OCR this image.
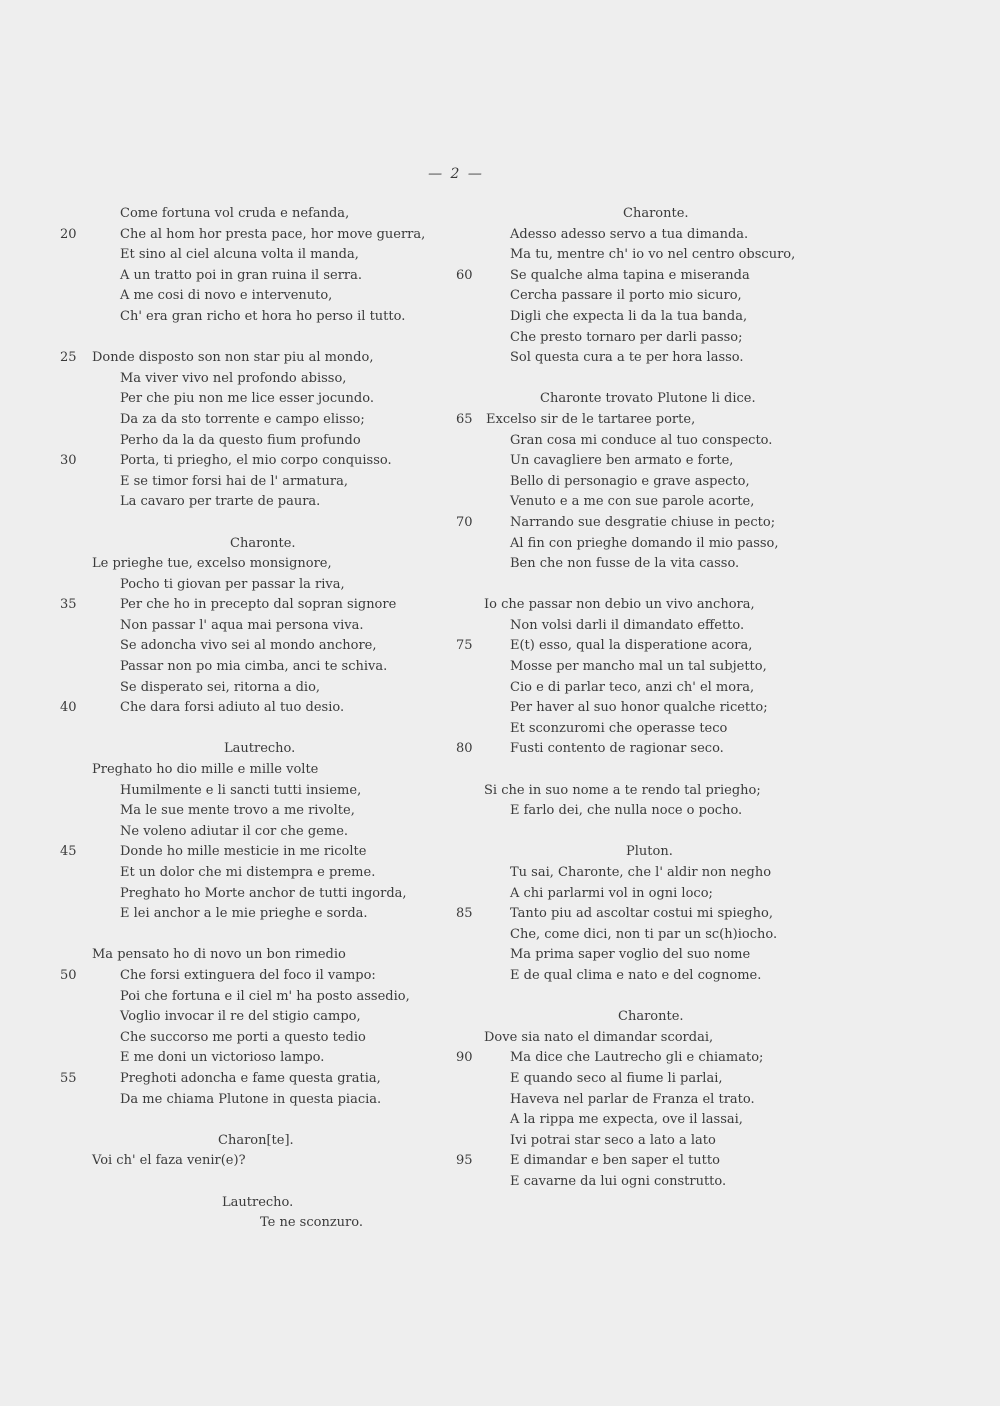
— 2 —
Come fortuna vol cruda e nefanda,
20	Che al hom hor presta pace, hor move guerra,
Et sino al ciel alcuna volta il manda,
A un tratto poi in gran ruina il serra.
A me cosi di novo e intervenuto,
Ch' era gran richo et hora ho perso il tutto.
25 Donde disposto son non star piu al mondo,
Ma viver vivo nel profondo abisso,
Per che piu non me lice esser jocundo.
Da za da sto torrente e campo elisso;
Perho da la da questo fium profundo
30	Porta, ti priegho, el mio corpo conquisso.
E se timor forsi hai de l' armatura,
La cavaro per trarte de paura.
Charonte.
Le prieghe tue, excelso monsignore,
Pocho ti giovan per passar la riva,
35	Per che ho in precepto dal sopran signore
Non passar l' aqua mai persona viva.
Se adoncha vivo sei al mondo anchore,
Passar non po mia cimba, anci te schiva.
Se disperato sei, ritorna a dio,
40	Che dara forsi adiuto al tuo desio.
Lautrecho.
Preghato ho dio mille e mille volte
Humilmente e li sancti tutti insieme,
Ma le sue mente trovo a me rivolte,
Ne voleno adiutar il cor che geme.
45	Donde ho mille mesticie in me ricolte
Et un dolor che mi distempra e preme.
Preghato ho Morte anchor de tutti ingorda,
E lei anchor a le mie prieghe e sorda.
Ma pensato ho di novo un bon rimedio
50	Che forsi extinguera del foco il vampo:
Poi che fortuna e il ciel m' ha posto assedio,
Voglio invocar il re del stigio campo,
Che succorso me porti a questo tedio
E me doni un victorioso lampo.
55	Preghoti adoncha e fame questa gratia,
Da me chiama Plutone in questa piacia.
Charon[te].
Voi ch' el faza venir(e)?
Lautrecho.
Te ne sconzuro.
Charonte.
Adesso adesso servo a tua dimanda.
Ma tu, mentre ch' io vo nel centro obscuro,
60	Se qualche alma tapina e miseranda
Cercha passare il porto mio sicuro,
Digli che expecta li da la tua banda,
Che presto tornaro per darli passo;
Sol questa cura a te per hora lasso.
Charonte trovato Plutone li dice.
65 Excelso sir de le tartaree porte,
Gran cosa mi conduce al tuo conspecto.
Un cavagliere ben armato e forte,
Bello di personagio e grave aspecto,
Venuto e a me con sue parole acorte,
70	Narrando sue desgratie chiuse in pecto;
Al fin con prieghe domando il mio passo,
Ben che non fusse de la vita casso.
Io che passar non debio un vivo anchora,
Non volsi darli il dimandato effetto.
75	E(t) esso, qual la disperatione acora,
Mosse per mancho mal un tal subjetto,
Cio e di parlar teco, anzi ch' el mora,
Per haver al suo honor qualche ricetto;
Et sconzuromi che operasse teco
80	Fusti contento de ragionar seco.
Si che in suo nome a te rendo tal priegho;
E farlo dei, che nulla noce o pocho.
Pluton.
Tu sai, Charonte, che l' aldir non negho
A chi parlarmi vol in ogni loco;
85	Tanto piu ad ascoltar costui mi spiegho,
Che, come dici, non ti par un sc(h)iocho.
Ma prima saper voglio del suo nome
E de qual clima e nato e del cognome.
Charonte.
Dove sia nato el dimandar scordai,
90	Ma dice che Lautrecho gli e chiamato;
E quando seco al fiume li parlai,
Haveva nel parlar de Franza el trato.
A la rippa me expecta, ove il lassai,
Ivi potrai star seco a lato a lato
95	E dimandar e ben saper el tutto
E cavarne da lui ogni construtto.
